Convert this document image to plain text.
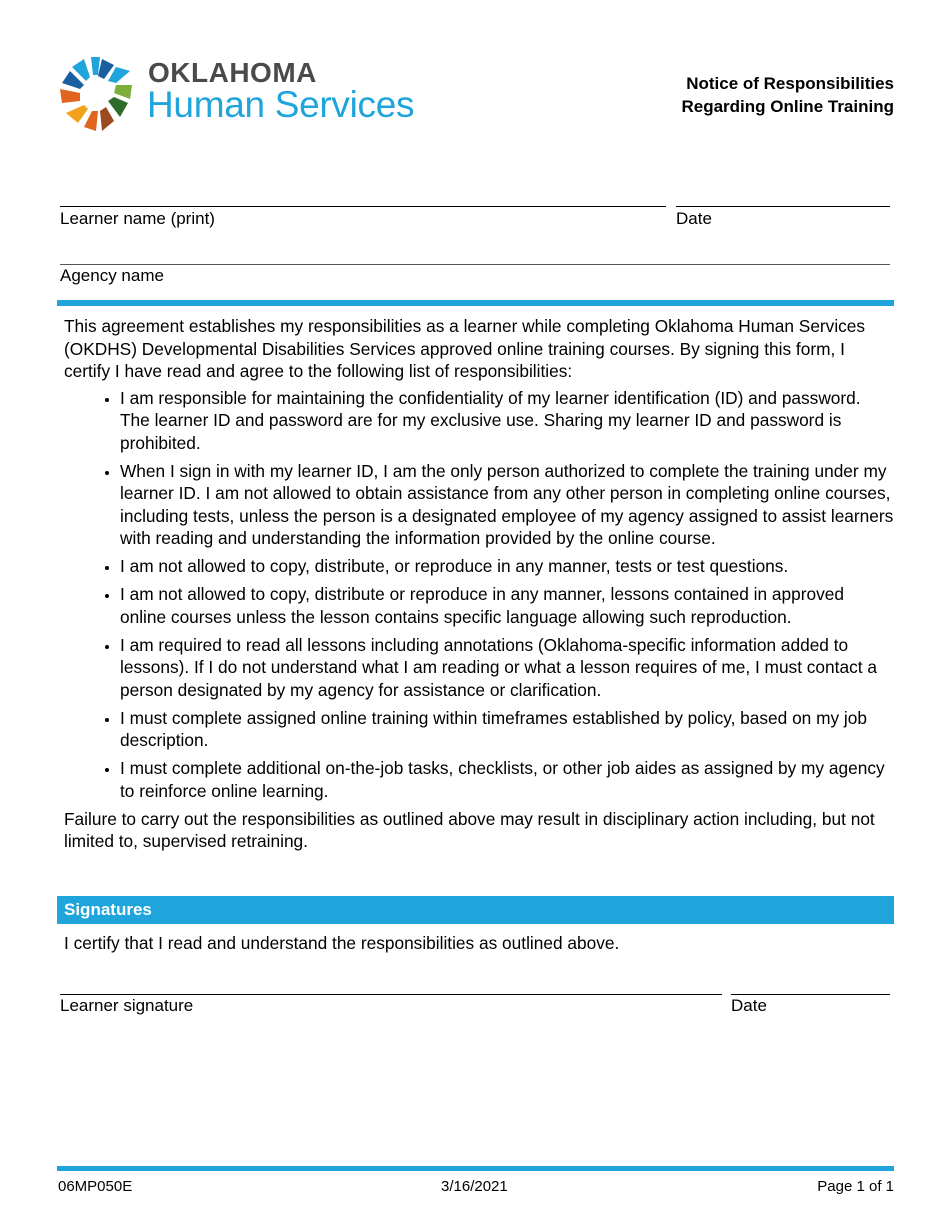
OKLAHOMA
Human Services
Notice of Responsibilities
Regarding Online Training
Learner name (print)	Date
Agency name

This agreement establishes my responsibilities as a learner while completing Oklahoma Human Services (OKDHS) Developmental Disabilities Services approved online training courses. By signing this form, I certify I have read and agree to the following list of responsibilities:

• I am responsible for maintaining the confidentiality of my learner identification (ID) and password. The learner ID and password are for my exclusive use. Sharing my learner ID and password is prohibited.
• When I sign in with my learner ID, I am the only person authorized to complete the training under my learner ID. I am not allowed to obtain assistance from any other person in completing online courses, including tests, unless the person is a designated employee of my agency assigned to assist learners with reading and understanding the information provided by the online course.
• I am not allowed to copy, distribute, or reproduce in any manner, tests or test questions.
• I am not allowed to copy, distribute or reproduce in any manner, lessons contained in approved online courses unless the lesson contains specific language allowing such reproduction.
• I am required to read all lessons including annotations (Oklahoma-specific information added to lessons). If I do not understand what I am reading or what a lesson requires of me, I must contact a person designated by my agency for assistance or clarification.
• I must complete assigned online training within timeframes established by policy, based on my job description.
• I must complete additional on-the-job tasks, checklists, or other job aides as assigned by my agency to reinforce online learning.

Failure to carry out the responsibilities as outlined above may result in disciplinary action including, but not limited to, supervised retraining.

Signatures
I certify that I read and understand the responsibilities as outlined above.
Learner signature	Date
06MP050E	3/16/2021	Page 1 of 1
